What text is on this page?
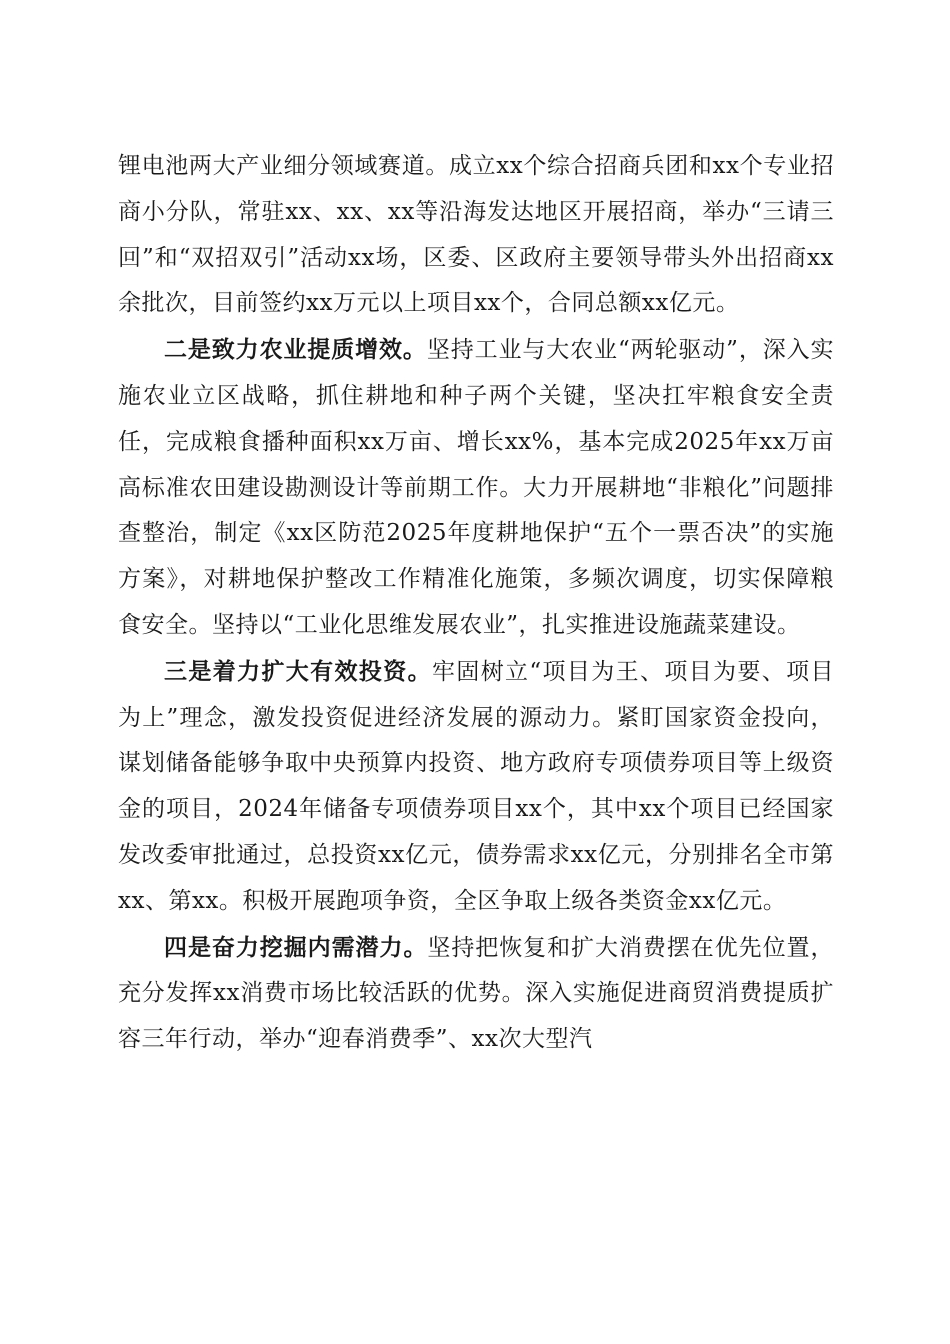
锂电池两大产业细分领域赛道。成立xx个综合招商兵团和xx个专业招商小分队，常驻xx、xx、xx等沿海发达地区开展招商，举办“三请三回”和“双招双引”活动xx场，区委、区政府主要领导带头外出招商xx余批次，目前签约xx万元以上项目xx个，合同总额xx亿元。

二是致力农业提质增效。坚持工业与大农业“两轮驱动”，深入实施农业立区战略，抓住耕地和种子两个关键，坚决扛牢粮食安全责任，完成粮食播种面积xx万亩、增长xx%，基本完成2025年xx万亩高标准农田建设勘测设计等前期工作。大力开展耕地“非粮化”问题排查整治，制定《xx区防范2025年度耕地保护“五个一票否决”的实施方案》，对耕地保护整改工作精准化施策，多频次调度，切实保障粮食安全。坚持以“工业化思维发展农业”，扎实推进设施蔬菜建设。

三是着力扩大有效投资。牢固树立“项目为王、项目为要、项目为上”理念，激发投资促进经济发展的源动力。紧盯国家资金投向，谋划储备能够争取中央预算内投资、地方政府专项债券项目等上级资金的项目，2024年储备专项债券项目xx个，其中xx个项目已经国家发改委审批通过，总投资xx亿元，债券需求xx亿元，分别排名全市第xx、第xx。积极开展跑项争资，全区争取上级各类资金xx亿元。

四是奋力挖掘内需潜力。坚持把恢复和扩大消费摆在优先位置，充分发挥xx消费市场比较活跃的优势。深入实施促进商贸消费提质扩容三年行动，举办“迎春消费季”、xx次大型汽
